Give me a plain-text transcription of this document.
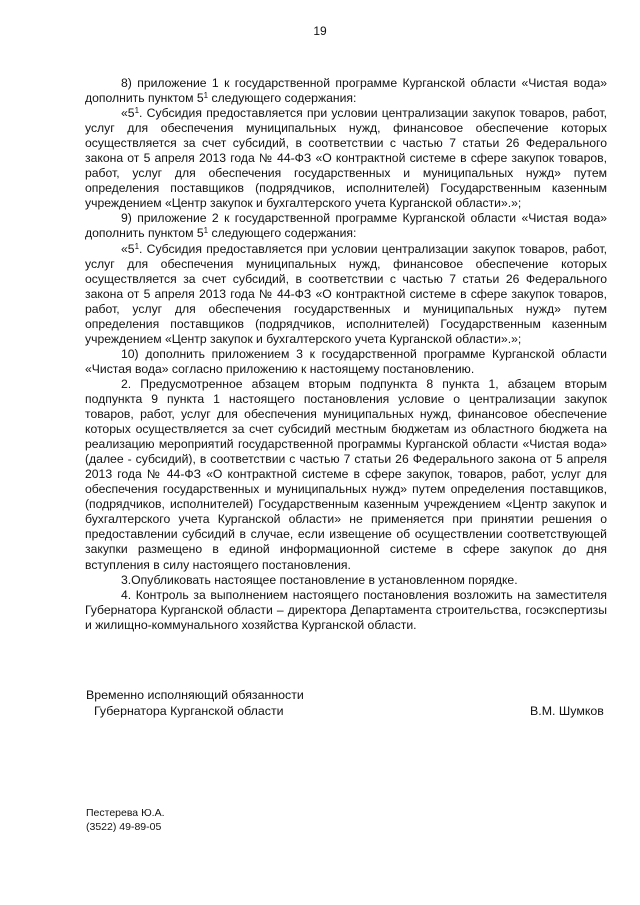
19

8) приложение 1 к государственной программе Курганской области «Чистая вода» дополнить пунктом $5^1$ следующего содержания:

«$5^1$. Субсидия предоставляется при условии централизации закупок товаров, работ, услуг для обеспечения муниципальных нужд, финансовое обеспечение которых осуществляется за счет субсидий, в соответствии с частью 7 статьи 26 Федерального закона от 5 апреля 2013 года № 44-ФЗ «О контрактной системе в сфере закупок товаров, работ, услуг для обеспечения государственных и муниципальных нужд» путем определения поставщиков (подрядчиков, исполнителей) Государственным казенным учреждением «Центр закупок и бухгалтерского учета Курганской области».»;

9) приложение 2 к государственной программе Курганской области «Чистая вода» дополнить пунктом $5^1$ следующего содержания:

«$5^1$. Субсидия предоставляется при условии централизации закупок товаров, работ, услуг для обеспечения муниципальных нужд, финансовое обеспечение которых осуществляется за счет субсидий, в соответствии с частью 7 статьи 26 Федерального закона от 5 апреля 2013 года № 44-ФЗ «О контрактной системе в сфере закупок товаров, работ, услуг для обеспечения государственных и муниципальных нужд» путем определения поставщиков (подрядчиков, исполнителей) Государственным казенным учреждением «Центр закупок и бухгалтерского учета Курганской области».»;

10) дополнить приложением 3 к государственной программе Курганской области «Чистая вода» согласно приложению к настоящему постановлению.

2. Предусмотренное абзацем вторым подпункта 8 пункта 1, абзацем вторым подпункта 9 пункта 1 настоящего постановления условие о централизации закупок товаров, работ, услуг для обеспечения муниципальных нужд, финансовое обеспечение которых осуществляется за счет субсидий местным бюджетам из областного бюджета на реализацию мероприятий государственной программы Курганской области «Чистая вода» (далее - субсидий), в соответствии с частью 7 статьи 26 Федерального закона от 5 апреля 2013 года № 44-ФЗ «О контрактной системе в сфере закупок, товаров, работ, услуг для обеспечения государственных и муниципальных нужд» путем определения поставщиков, (подрядчиков, исполнителей) Государственным казенным учреждением «Центр закупок и бухгалтерского учета Курганской области» не применяется при принятии решения о предоставлении субсидий в случае, если извещение об осуществлении соответствующей закупки размещено в единой информационной системе в сфере закупок до дня вступления в силу настоящего постановления.

3.Опубликовать настоящее постановление в установленном порядке.

4. Контроль за выполнением настоящего постановления возложить на заместителя Губернатора Курганской области – директора Департамента строительства, госэкспертизы и жилищно-коммунального хозяйства Курганской области.

Временно исполняющий обязанности
Губернатора Курганской области	В.М. Шумков
Пестерева Ю.А.
(3522) 49-89-05
